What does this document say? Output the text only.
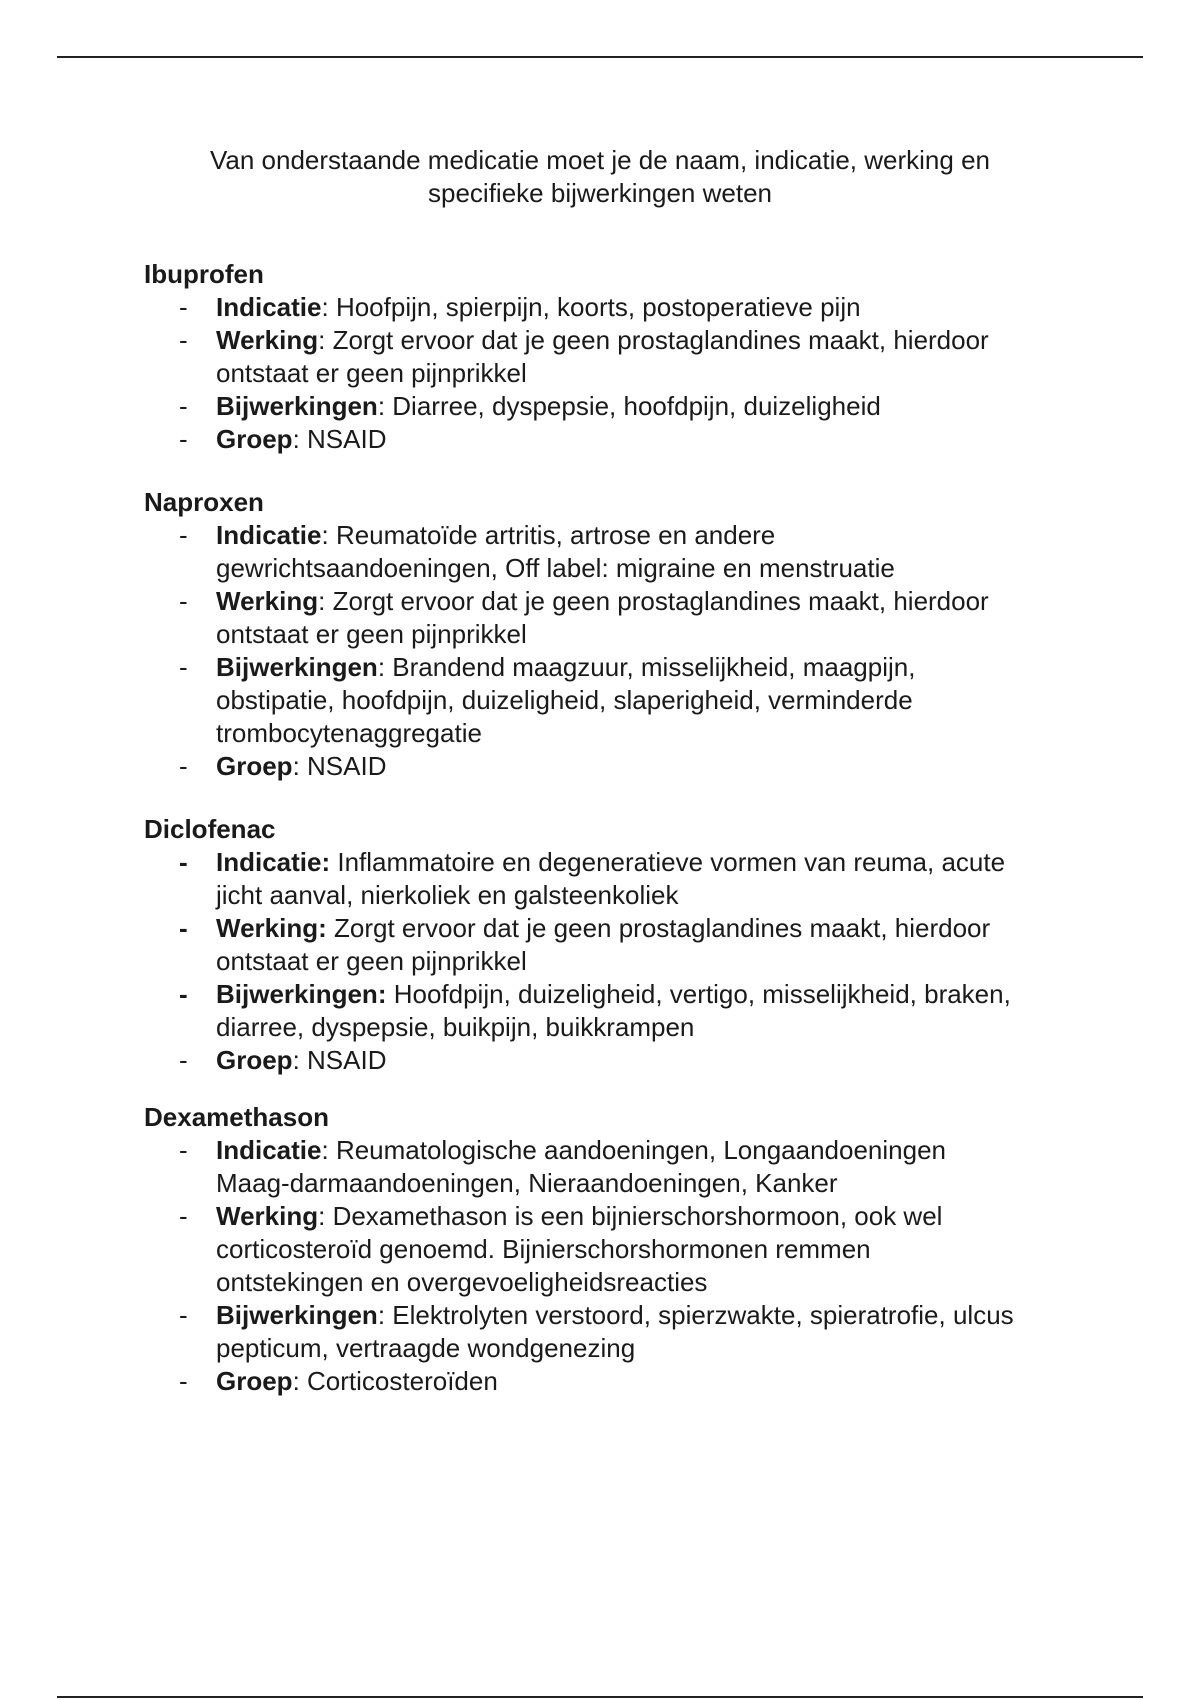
Van onderstaande medicatie moet je de naam, indicatie, werking en
specifieke bijwerkingen weten
Ibuprofen
- Indicatie: Hoofpijn, spierpijn, koorts, postoperatieve pijn
- Werking: Zorgt ervoor dat je geen prostaglandines maakt, hierdoor ontstaat er geen pijnprikkel
- Bijwerkingen: Diarree, dyspepsie, hoofdpijn, duizeligheid
- Groep: NSAID
Naproxen
- Indicatie: Reumatoïde artritis, artrose en andere gewrichtsaandoeningen, Off label: migraine en menstruatie
- Werking: Zorgt ervoor dat je geen prostaglandines maakt, hierdoor ontstaat er geen pijnprikkel
- Bijwerkingen: Brandend maagzuur, misselijkheid, maagpijn, obstipatie, hoofdpijn, duizeligheid, slaperigheid, verminderde trombocytenaggregatie
- Groep: NSAID
Diclofenac
- Indicatie: Inflammatoire en degeneratieve vormen van reuma, acute jicht aanval, nierkoliek en galsteenkoliek
- Werking: Zorgt ervoor dat je geen prostaglandines maakt, hierdoor ontstaat er geen pijnprikkel
- Bijwerkingen: Hoofdpijn, duizeligheid, vertigo, misselijkheid, braken, diarree, dyspepsie, buikpijn, buikkrampen
- Groep: NSAID
Dexamethason
- Indicatie: Reumatologische aandoeningen, Longaandoeningen Maag-darmaandoeningen, Nieraandoeningen, Kanker
- Werking: Dexamethason is een bijnierschorshormoon, ook wel corticosteroïd genoemd. Bijnierschorshormonen remmen ontstekingen en overgevoeligheidsreacties
- Bijwerkingen: Elektrolyten verstoord, spierzwakte, spieratrofie, ulcus pepticum, vertraagde wondgenezing
- Groep: Corticosteroïden
